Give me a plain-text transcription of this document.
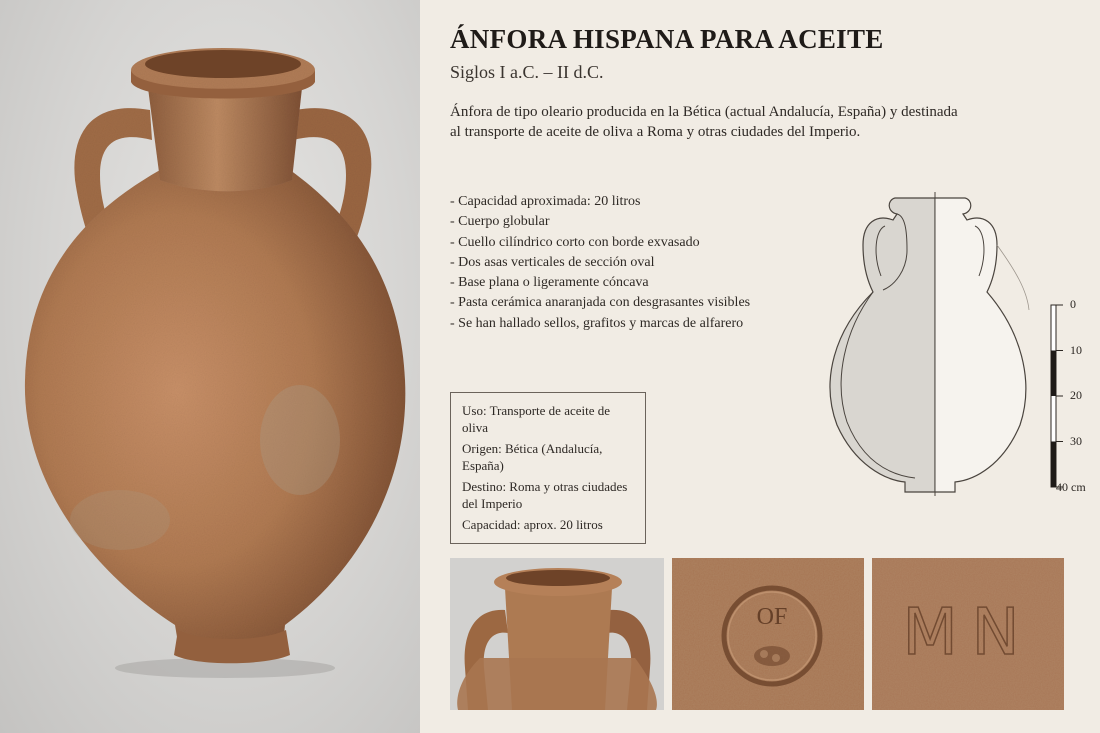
ÁNFORA HISPANA PARA ACEITE
Siglos I a.C. – II d.C.

Ánfora de tipo oleario producida en la Bética (actual Andalucía, España) y destinada al transporte de aceite de oliva a Roma y otras ciudades del Imperio.

- Capacidad aproximada: 20 litros
- Cuerpo globular
- Cuello cilíndrico corto con borde exvasado
- Dos asas verticales de sección oval
- Base plana o ligeramente cóncava
- Pasta cerámica anaranjada con desgrasantes visibles
- Se han hallado sellos, grafitos y marcas de alfarero

Uso: Transporte de aceite de oliva

Origen: Bética (Andalucía, España)

Destino: Roma y otras ciudades del Imperio

Capacidad: aprox. 20 litros

0
10
20
30
40 cm
OF MN
